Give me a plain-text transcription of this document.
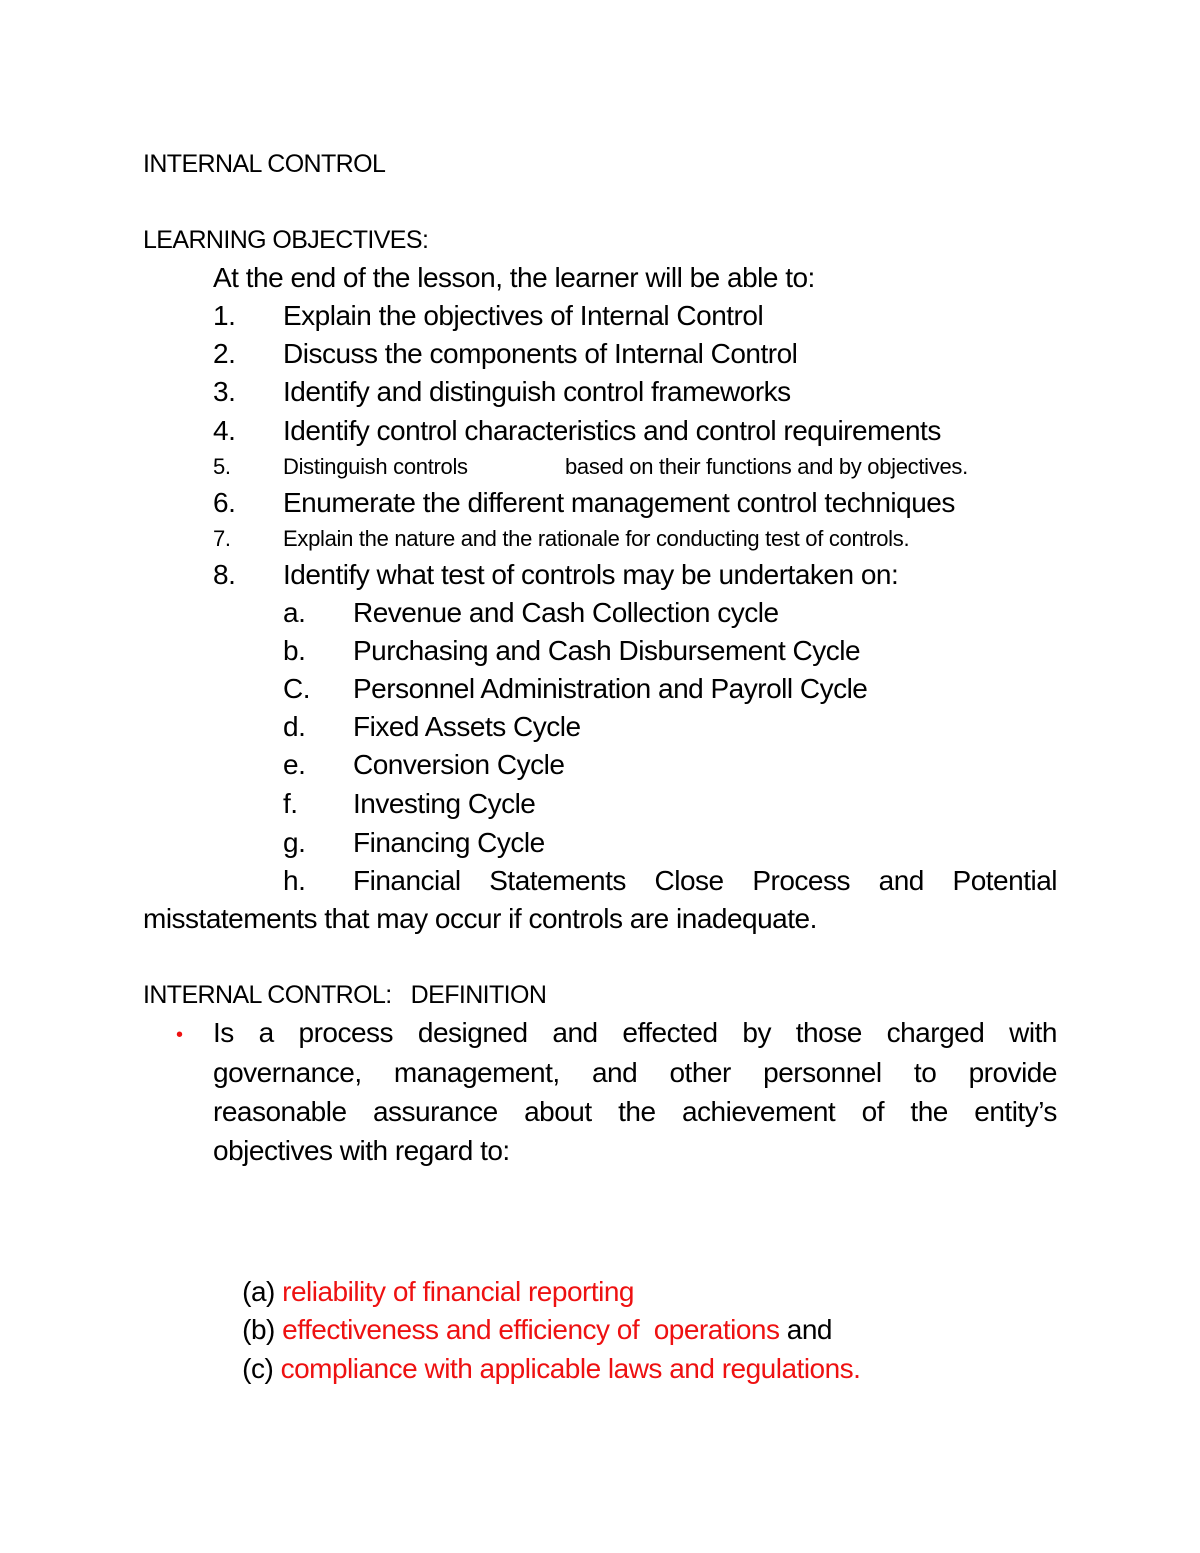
INTERNAL CONTROL
LEARNING OBJECTIVES:
At the end of the lesson, the learner will be able to:
1. Explain the objectives of Internal Control
2. Discuss the components of Internal Control
3. Identify and distinguish control frameworks
4. Identify control characteristics and control requirements
5. Distinguish controls	based on their functions and by objectives.
6. Enumerate the different management control techniques
7. Explain the nature and the rationale for conducting test of controls.
8. Identify what test of controls may be undertaken on:
a. Revenue and Cash Collection cycle
b. Purchasing and Cash Disbursement Cycle
C. Personnel Administration and Payroll Cycle
d. Fixed Assets Cycle
e. Conversion Cycle
f. Investing Cycle
g. Financing Cycle
h. Financial Statements Close Process and Potential
misstatements that may occur if controls are inadequate.
INTERNAL CONTROL:   DEFINITION
• Is a process designed and effected by those charged with
governance, management, and other personnel to provide
reasonable assurance about the achievement of the entity’s
objectives with regard to:

(a) reliability of financial reporting

(b) effectiveness and efficiency of  operations and

(c) compliance with applicable laws and regulations.
